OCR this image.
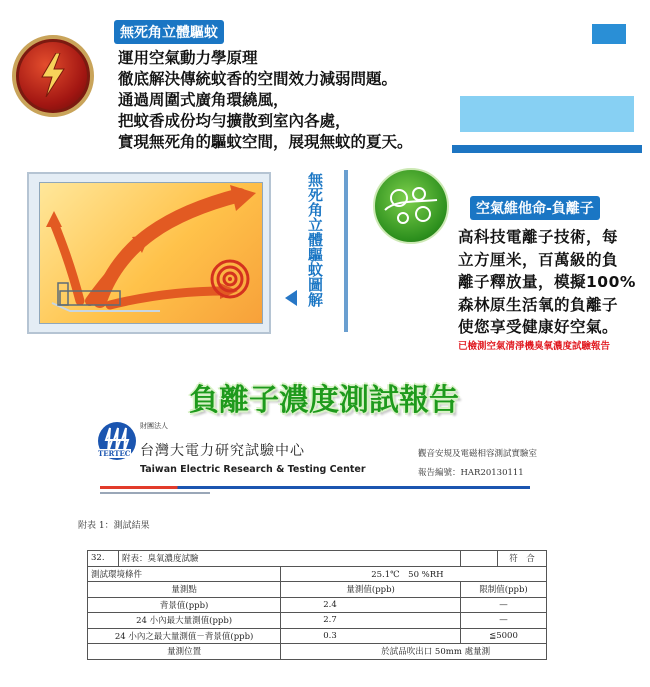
無死角立體驅蚊
運用空氣動力學原理
徹底解決傳統蚊香的空間效力減弱問題。
通過周圍式廣角環繞風，
把蚊香成份均勻擴散到室內各處，
實現無死角的驅蚊空間，展現無蚊的夏天。
無死角立體驅蚊圖解	空氣維他命-負離子
高科技電離子技術，每
立方厘米，百萬級的負
離子釋放量，模擬100%
森林原生活氧的負離子
使您享受健康好空氣。
已檢測空氣清淨機臭氧濃度試驗報告
負離子濃度測試報告
TERTEC
財團法人
台灣大電力研究試驗中心
Taiwan Electric Research & Testing Center
觀音安規及電磁相容測試實驗室
報告編號：HAR20130111
附表 1：測試結果
32.	附表：臭氧濃度試驗			符　合
測試環境條件		25.1℃　50 %RH		
量測點		量測值(ppb)	限制值(ppb)	
背景值(ppb)		2.4	—	
24 小內最大量測值(ppb)		2.7	—	
24 小內之最大量測值－背景值(ppb)		0.3	≦5000	
量測位置		於試品吹出口 50mm 處量測		
